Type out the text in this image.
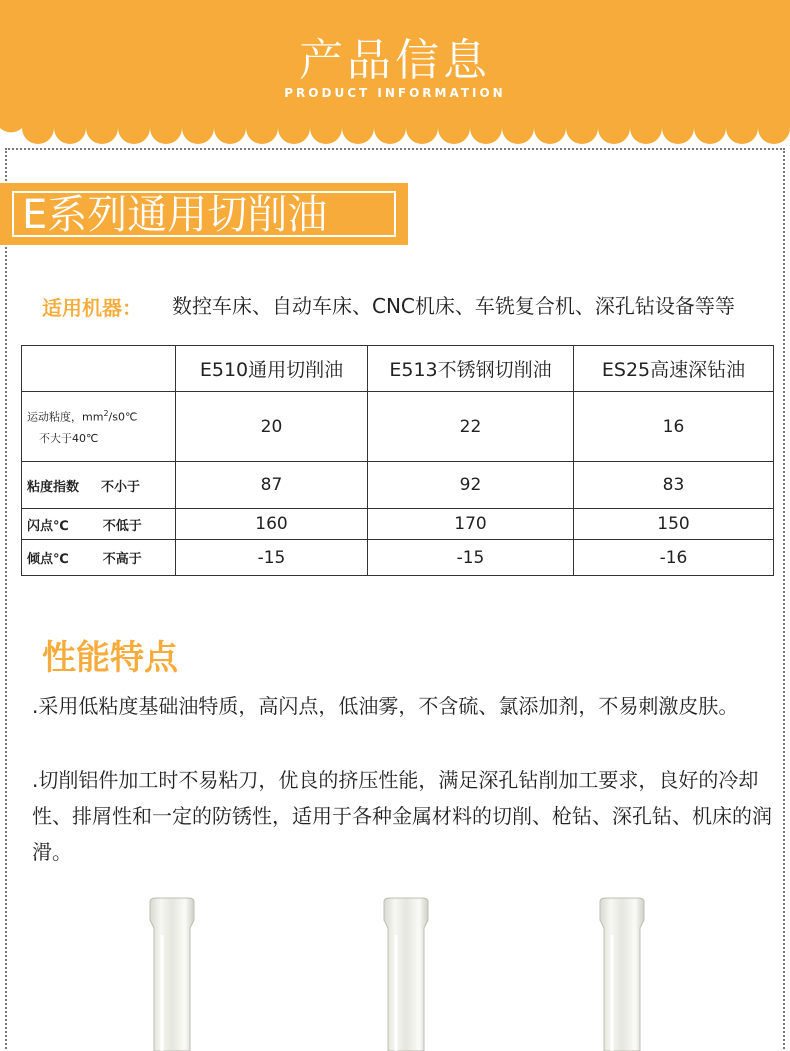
产品信息
PRODUCT INFORMATION
E系列通用切削油
适用机器： 数控车床、自动车床、CNC机床、车铣复合机、深孔钻设备等等
	E510通用切削油	E513不锈钢切削油	ES25高速深钻油

运动粘度，$mm^2/s0℃$
不大于40℃	20	22	16
粘度指数 不小于	87	92	83
闪点℃ 不低于	160	170	150
倾点℃ 不高于	-15	-15	-16
性能特点
.采用低粘度基础油特质，高闪点，低油雾，不含硫、氯添加剂，不易刺激皮肤。
.切削铝件加工时不易粘刀，优良的挤压性能，满足深孔钻削加工要求，良好的冷却性、排屑性和一定的防锈性，适用于各种金属材料的切削、枪钻、深孔钻、机床的润滑。
